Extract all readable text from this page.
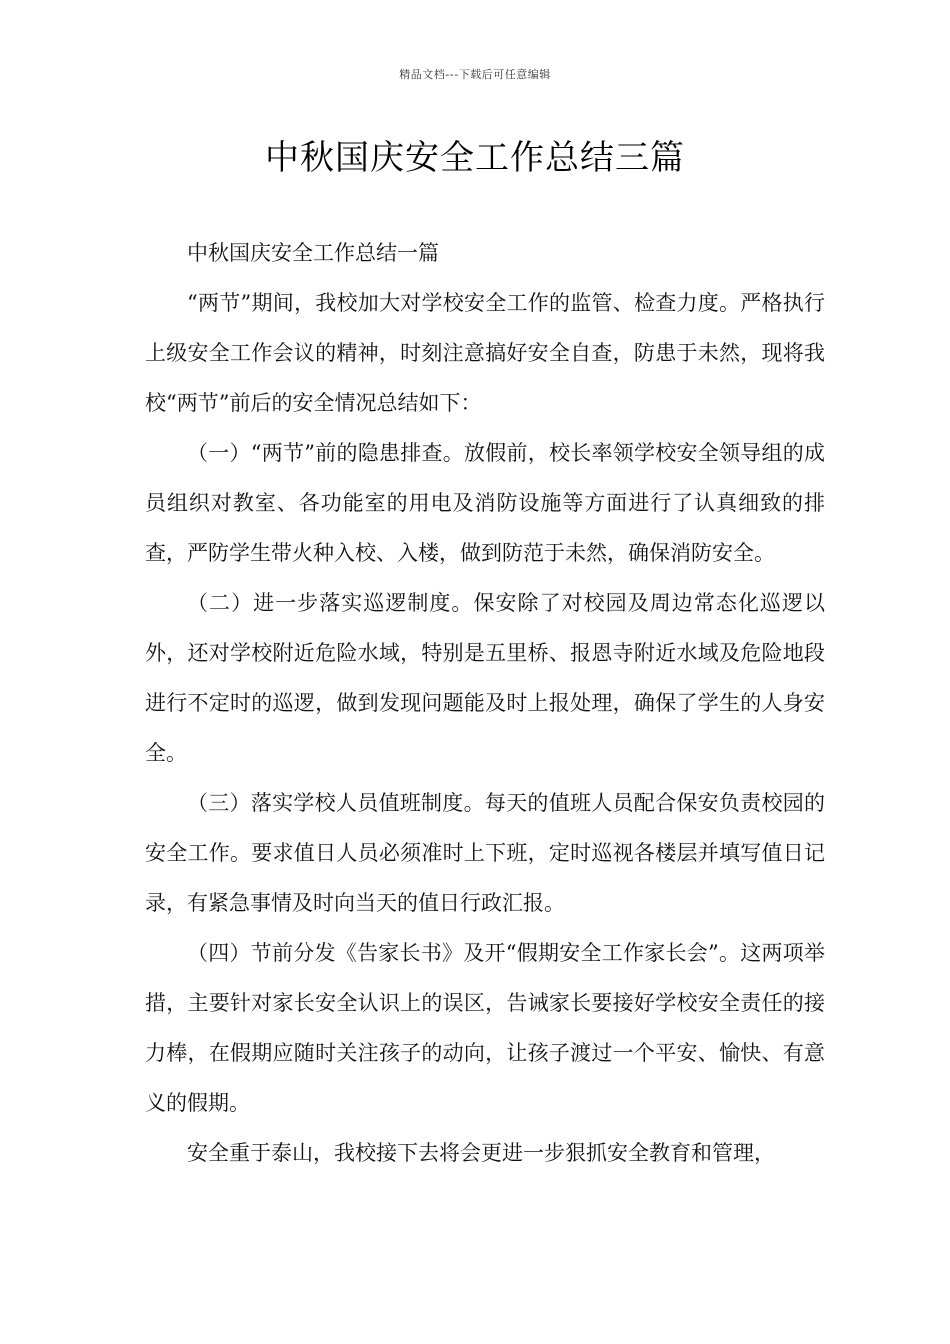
精品文档---下载后可任意编辑
中秋国庆安全工作总结三篇

中秋国庆安全工作总结一篇

“两节”期间，我校加大对学校安全工作的监管、检查力度。严格执行上级安全工作会议的精神，时刻注意搞好安全自查，防患于未然，现将我校“两节”前后的安全情况总结如下：

（一）“两节”前的隐患排查。放假前，校长率领学校安全领导组的成员组织对教室、各功能室的用电及消防设施等方面进行了认真细致的排查，严防学生带火种入校、入楼，做到防范于未然，确保消防安全。

（二）进一步落实巡逻制度。保安除了对校园及周边常态化巡逻以外，还对学校附近危险水域，特别是五里桥、报恩寺附近水域及危险地段进行不定时的巡逻，做到发现问题能及时上报处理，确保了学生的人身安全。

（三）落实学校人员值班制度。每天的值班人员配合保安负责校园的安全工作。要求值日人员必须准时上下班，定时巡视各楼层并填写值日记录，有紧急事情及时向当天的值日行政汇报。

（四）节前分发《告家长书》及开“假期安全工作家长会”。这两项举措，主要针对家长安全认识上的误区，告诫家长要接好学校安全责任的接力棒，在假期应随时关注孩子的动向，让孩子渡过一个平安、愉快、有意义的假期。

安全重于泰山，我校接下去将会更进一步狠抓安全教育和管理，
